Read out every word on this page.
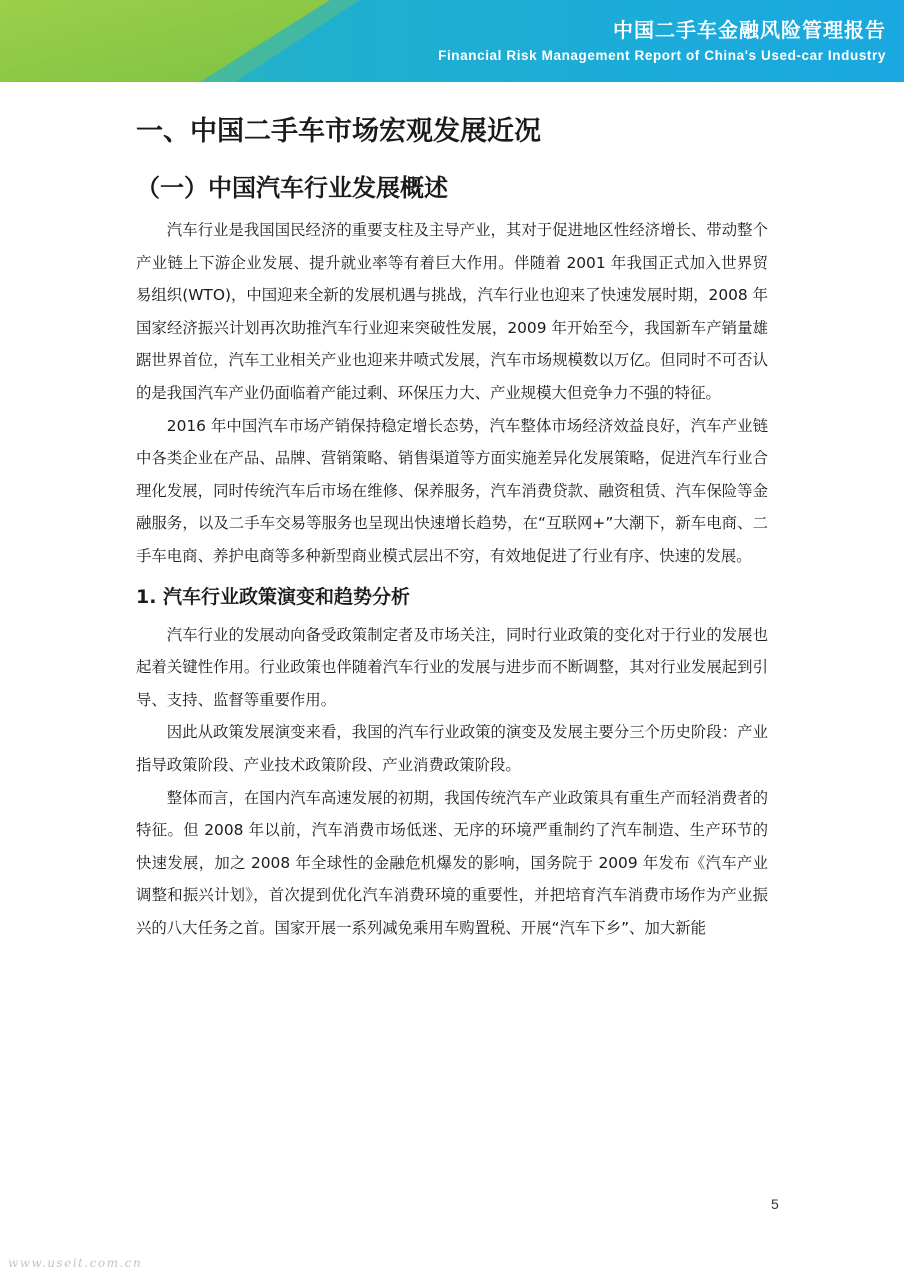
中国二手车金融风险管理报告
Financial Risk Management Report of China's Used-car Industry
一、中国二手车市场宏观发展近况
（一）中国汽车行业发展概述

汽车行业是我国国民经济的重要支柱及主导产业，其对于促进地区性经济增长、带动整个产业链上下游企业发展、提升就业率等有着巨大作用。伴随着 2001 年我国正式加入世界贸易组织(WTO)，中国迎来全新的发展机遇与挑战，汽车行业也迎来了快速发展时期，2008 年国家经济振兴计划再次助推汽车行业迎来突破性发展，2009 年开始至今，我国新车产销量雄踞世界首位，汽车工业相关产业也迎来井喷式发展，汽车市场规模数以万亿。但同时不可否认的是我国汽车产业仍面临着产能过剩、环保压力大、产业规模大但竞争力不强的特征。

2016 年中国汽车市场产销保持稳定增长态势，汽车整体市场经济效益良好，汽车产业链中各类企业在产品、品牌、营销策略、销售渠道等方面实施差异化发展策略，促进汽车行业合理化发展，同时传统汽车后市场在维修、保养服务，汽车消费贷款、融资租赁、汽车保险等金融服务，以及二手车交易等服务也呈现出快速增长趋势，在“互联网+”大潮下，新车电商、二手车电商、养护电商等多种新型商业模式层出不穷，有效地促进了行业有序、快速的发展。

1. 汽车行业政策演变和趋势分析

汽车行业的发展动向备受政策制定者及市场关注，同时行业政策的变化对于行业的发展也起着关键性作用。行业政策也伴随着汽车行业的发展与进步而不断调整，其对行业发展起到引导、支持、监督等重要作用。

因此从政策发展演变来看，我国的汽车行业政策的演变及发展主要分三个历史阶段：产业指导政策阶段、产业技术政策阶段、产业消费政策阶段。

整体而言，在国内汽车高速发展的初期，我国传统汽车产业政策具有重生产而轻消费者的特征。但 2008 年以前，汽车消费市场低迷、无序的环境严重制约了汽车制造、生产环节的快速发展，加之 2008 年全球性的金融危机爆发的影响，国务院于 2009 年发布《汽车产业调整和振兴计划》，首次提到优化汽车消费环境的重要性，并把培育汽车消费市场作为产业振兴的八大任务之首。国家开展一系列减免乘用车购置税、开展“汽车下乡”、加大新能

5
www.useit.com.cn
